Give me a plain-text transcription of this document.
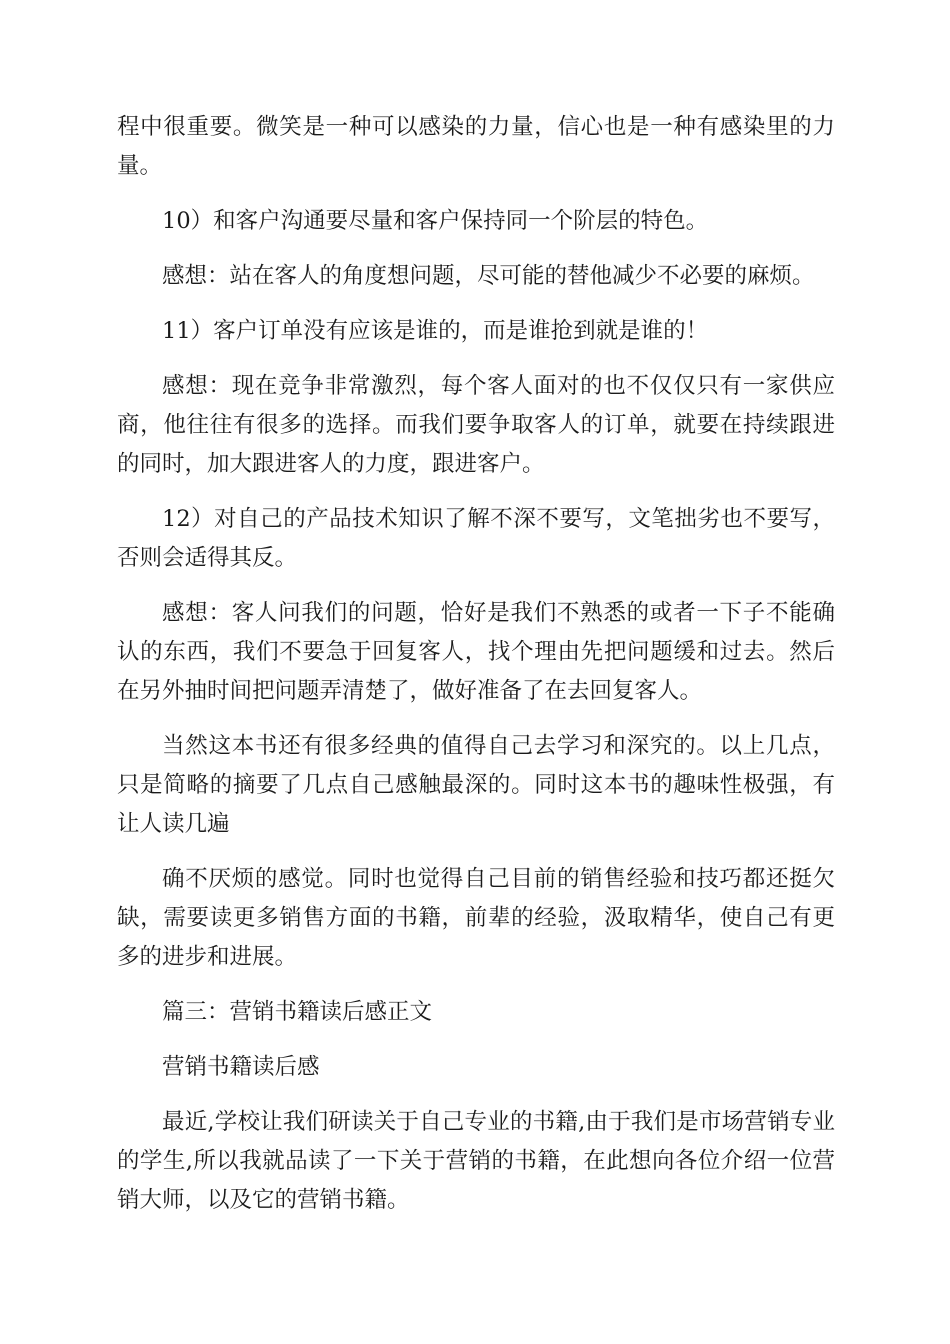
程中很重要。微笑是一种可以感染的力量，信心也是一种有感染里的力量。

10）和客户沟通要尽量和客户保持同一个阶层的特色。

感想：站在客人的角度想问题，尽可能的替他减少不必要的麻烦。

11）客户订单没有应该是谁的，而是谁抢到就是谁的！

感想：现在竞争非常激烈，每个客人面对的也不仅仅只有一家供应商，他往往有很多的选择。而我们要争取客人的订单，就要在持续跟进的同时，加大跟进客人的力度，跟进客户。

12）对自己的产品技术知识了解不深不要写，文笔拙劣也不要写，否则会适得其反。

感想：客人问我们的问题，恰好是我们不熟悉的或者一下子不能确认的东西，我们不要急于回复客人，找个理由先把问题缓和过去。然后在另外抽时间把问题弄清楚了，做好准备了在去回复客人。

当然这本书还有很多经典的值得自己去学习和深究的。以上几点，只是简略的摘要了几点自己感触最深的。同时这本书的趣味性极强，有让人读几遍

确不厌烦的感觉。同时也觉得自己目前的销售经验和技巧都还挺欠缺，需要读更多销售方面的书籍，前辈的经验，汲取精华，使自己有更多的进步和进展。

篇三：营销书籍读后感正文

营销书籍读后感

最近,学校让我们研读关于自己专业的书籍,由于我们是市场营销专业的学生,所以我就品读了一下关于营销的书籍，在此想向各位介绍一位营销大师，以及它的营销书籍。
